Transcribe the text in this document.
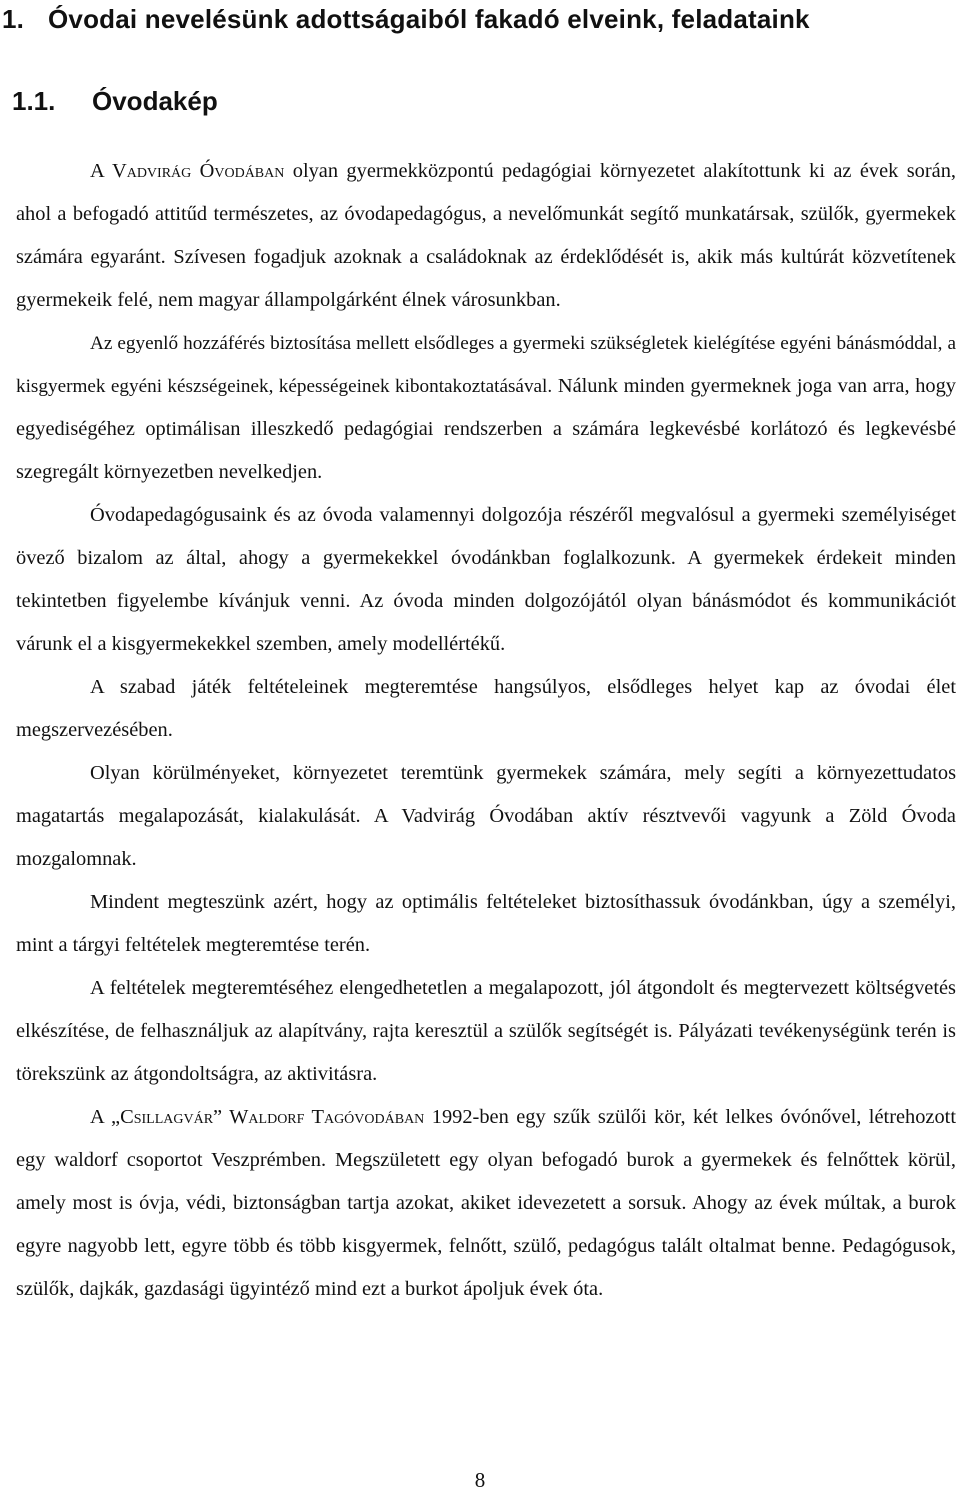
1. Óvodai nevelésünk adottságaiból fakadó elveink, feladataink
1.1. Óvodakép

A Vadvirág Óvodában olyan gyermekközpontú pedagógiai környezetet alakítottunk ki az évek során, ahol a befogadó attitűd természetes, az óvodapedagógus, a nevelőmunkát segítő munkatársak, szülők, gyermekek számára egyaránt. Szívesen fogadjuk azoknak a családoknak az érdeklődését is, akik más kultúrát közvetítenek gyermekeik felé, nem magyar állampolgárként élnek városunkban.

Az egyenlő hozzáférés biztosítása mellett elsődleges a gyermeki szükségletek kielégítése egyéni bánásmóddal, a kisgyermek egyéni készségeinek, képességeinek kibontakoztatásával. Nálunk minden gyermeknek joga van arra, hogy egyediségéhez optimálisan illeszkedő pedagógiai rendszerben a számára legkevésbé korlátozó és legkevésbé szegregált környezetben nevelkedjen.

Óvodapedagógusaink és az óvoda valamennyi dolgozója részéről megvalósul a gyermeki személyiséget övező bizalom az által, ahogy a gyermekekkel óvodánkban foglalkozunk. A gyermekek érdekeit minden tekintetben figyelembe kívánjuk venni. Az óvoda minden dolgozójától olyan bánásmódot és kommunikációt várunk el a kisgyermekekkel szemben, amely modellértékű.

A szabad játék feltételeinek megteremtése hangsúlyos, elsődleges helyet kap az óvodai élet megszervezésében.

Olyan körülményeket, környezetet teremtünk gyermekek számára, mely segíti a környezettudatos magatartás megalapozását, kialakulását. A Vadvirág Óvodában aktív résztvevői vagyunk a Zöld Óvoda mozgalomnak.

Mindent megteszünk azért, hogy az optimális feltételeket biztosíthassuk óvodánkban, úgy a személyi, mint a tárgyi feltételek megteremtése terén.

A feltételek megteremtéséhez elengedhetetlen a megalapozott, jól átgondolt és megtervezett költségvetés elkészítése, de felhasználjuk az alapítvány, rajta keresztül a szülők segítségét is. Pályázati tevékenységünk terén is törekszünk az átgondoltságra, az aktivitásra.

A „Csillagvár” Waldorf Tagóvodában 1992-ben egy szűk szülői kör, két lelkes óvónővel, létrehozott egy waldorf csoportot Veszprémben. Megszületett egy olyan befogadó burok a gyermekek és felnőttek körül, amely most is óvja, védi, biztonságban tartja azokat, akiket idevezetett a sorsuk. Ahogy az évek múltak, a burok egyre nagyobb lett, egyre több és több kisgyermek, felnőtt, szülő, pedagógus talált oltalmat benne. Pedagógusok, szülők, dajkák, gazdasági ügyintéző mind ezt a burkot ápoljuk évek óta.

8
